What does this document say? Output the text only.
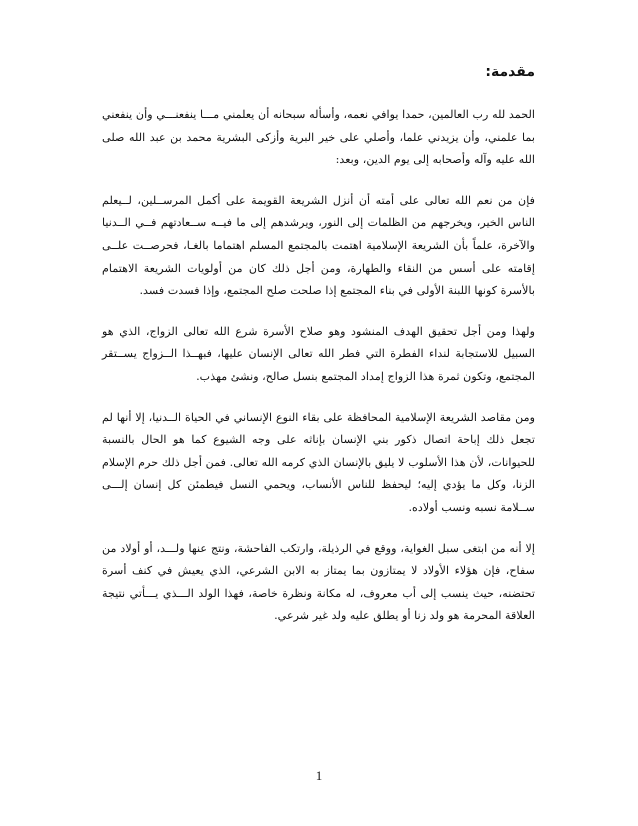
مقدمة:

الحمد لله رب العالمين، حمدا يوافي نعمه، وأسأله سبحانه أن يعلمني مـــا ينفعنـــي وأن ينفعني بما علمني، وأن يزيدني علما، وأصلي على خير البرية وأزكى البشرية محمد بن عبد الله صلى الله عليه وآله وأصحابه إلى يوم الدين، وبعد:

فإن من نعم الله تعالى على أمته أن أنزل الشريعة القويمة على أكمل المرســلين، لــيعلم الناس الخير، ويخرجهم من الظلمات إلى النور، ويرشدهم إلى ما فيــه ســعادتهم فــي الــدنيا والآخرة، علماً بأن الشريعة الإسلامية اهتمت بالمجتمع المسلم اهتماما بالغـا، فحرصــت علــى إقامته على أسس من النقاء والطهارة، ومن أجل ذلك كان من أولويات الشريعة الاهتمام بالأسرة كونها اللبنة الأولى في بناء المجتمع إذا صلحت صلح المجتمع، وإذا فسدت فسد.

ولهذا ومن أجل تحقيق الهدف المنشود وهو صلاح الأسرة شرع الله تعالى الزواج، الذي هو السبيل للاستجابة لنداء الفطرة التي فطر الله تعالى الإنسان عليها، فبهــذا الــزواج يســتقر المجتمع، وتكون ثمرة هذا الزواج إمداد المجتمع بنسل صالح، ونشئ مهذب.

ومن مقاصد الشريعة الإسلامية المحافظة على بقاء النوع الإنساني في الحياة الــدنيا، إلا أنها لم تجعل ذلك إباحة اتصال ذكور بني الإنسان بإناثه على وجه الشيوع كما هو الحال بالنسبة للحيوانات، لأن هذا الأسلوب لا يليق بالإنسان الذي كرمه الله تعالى. فمن أجل ذلك حرم الإسلام الزنا، وكل ما يؤدي إليه؛ ليحفظ للناس الأنساب، ويحمي النسل فيطمئن كل إنسان إلـــى ســلامة نسبه ونسب أولاده.

إلا أنه من ابتغى سبل الغواية، ووقع في الرذيلة، وارتكب الفاحشة، ونتج عنها ولـــد، أو أولاد من سفاح، فإن هؤلاء الأولاد لا يمتازون بما يمتاز به الابن الشرعي، الذي يعيش في كنف أسرة تحتضنه، حيث ينسب إلى أب معروف، له مكانة ونظرة خاصة، فهذا الولد الـــذي يـــأتي نتيجة العلاقة المحرمة هو ولد زنا أو يطلق عليه ولد غير شرعي.

1
